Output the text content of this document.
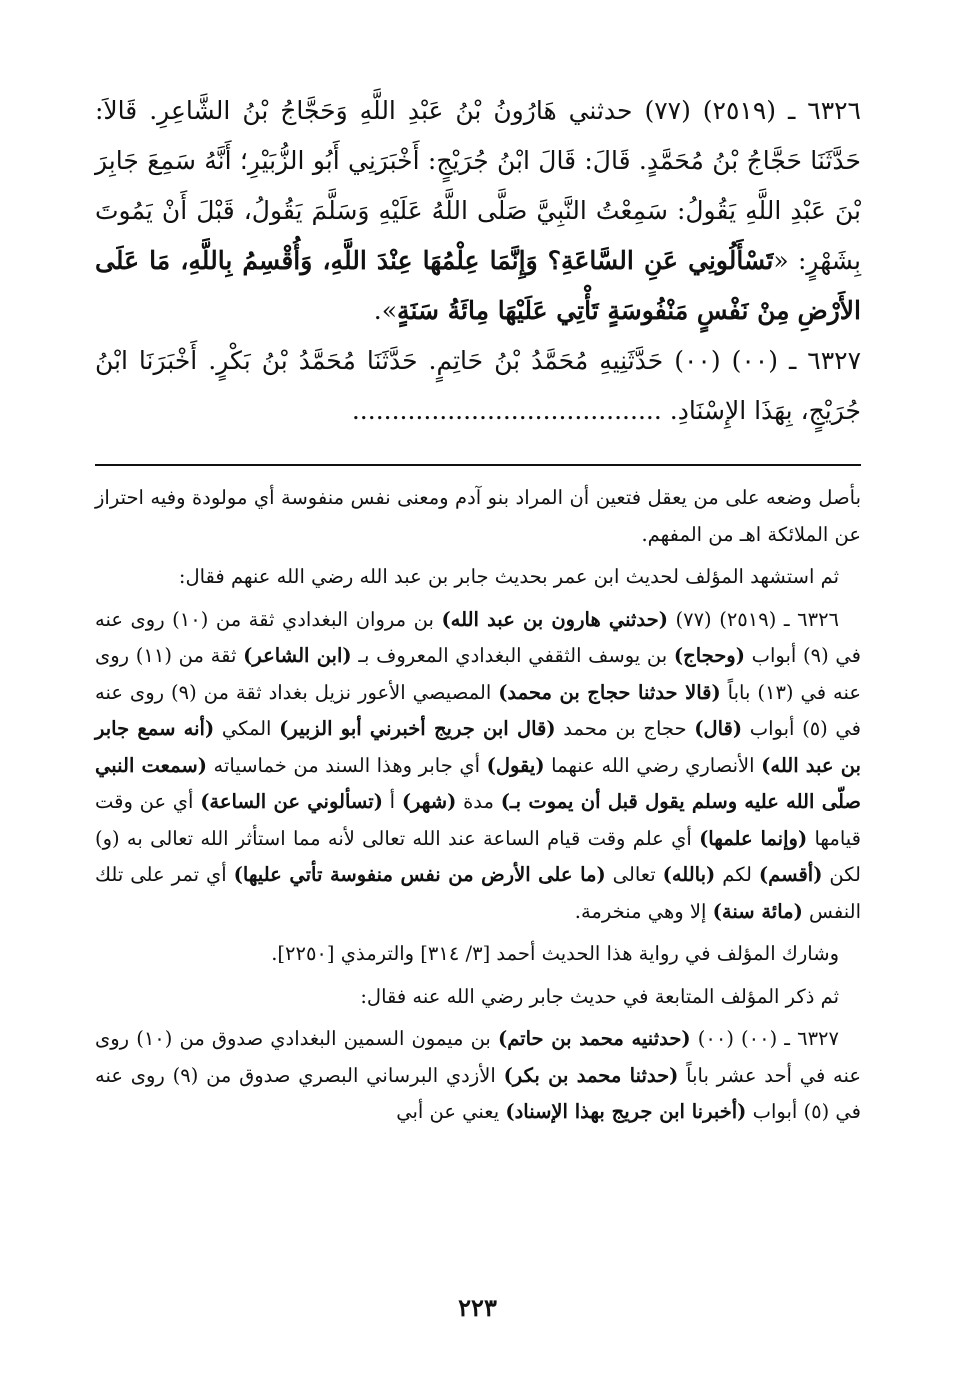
٦٣٢٦ ـ (٢٥١٩) (٧٧) حدثني هَارُونُ بْنُ عَبْدِ اللَّهِ وَحَجَّاجُ بْنُ الشَّاعِرِ. قَالاَ: حَدَّثَنَا حَجَّاجُ بْنُ مُحَمَّدٍ. قَالَ: قَالَ ابْنُ جُرَيْجٍ: أَخْبَرَنِي أَبُو الزُّبَيْرِ؛ أَنَّهُ سَمِعَ جَابِرَ بْنَ عَبْدِ اللَّهِ يَقُولُ: سَمِعْتُ النَّبِيَّ صَلَّى اللَّهُ عَلَيْهِ وَسَلَّمَ يَقُولُ، قَبْلَ أَنْ يَمُوتَ بِشَهْرٍ: «تَسْأَلُونِي عَنِ السَّاعَةِ؟ وَإِنَّمَا عِلْمُهَا عِنْدَ اللَّهِ، وَأُقْسِمُ بِاللَّهِ، مَا عَلَى الأَرْضِ مِنْ نَفْسٍ مَنْفُوسَةٍ تَأْتِي عَلَيْهَا مِائَةُ سَنَةٍ».

٦٣٢٧ ـ (٠٠) (٠٠) حَدَّثَنِيهِ مُحَمَّدُ بْنُ حَاتِمٍ. حَدَّثَنَا مُحَمَّدُ بْنُ بَكْرٍ. أَخْبَرَنَا ابْنُ جُرَيْجٍ، بِهَذَا الإِسْنَادِ. .......................................

بأصل وضعه على من يعقل فتعين أن المراد بنو آدم ومعنى نفس منفوسة أي مولودة وفيه احتراز عن الملائكة اهـ من المفهم.

ثم استشهد المؤلف لحديث ابن عمر بحديث جابر بن عبد الله رضي الله عنهم فقال:

٦٣٢٦ ـ (٢٥١٩) (٧٧) (حدثني هارون بن عبد الله) بن مروان البغدادي ثقة من (١٠) روى عنه في (٩) أبواب (وحجاج) بن يوسف الثقفي البغدادي المعروف بـ (ابن الشاعر) ثقة من (١١) روى عنه في (١٣) باباً (قالا حدثنا حجاج بن محمد) المصيصي الأعور نزيل بغداد ثقة من (٩) روى عنه في (٥) أبواب (قال) حجاج بن محمد (قال ابن جريج أخبرني أبو الزبير) المكي (أنه سمع جابر بن عبد الله) الأنصاري رضي الله عنهما (يقول) أي جابر وهذا السند من خماسياته (سمعت النبي صلّى الله عليه وسلم يقول قبل أن يموت بـ) مدة (شهر) أ (تسألوني عن الساعة) أي عن وقت قيامها (وإنما علمها) أي علم وقت قيام الساعة عند الله تعالى لأنه مما استأثر الله تعالى به (و) لكن (أقسم) لكم (بالله) تعالى (ما على الأرض من نفس منفوسة تأتي عليها) أي تمر على تلك النفس (مائة سنة) إلا وهي منخرمة.

وشارك المؤلف في رواية هذا الحديث أحمد [٣/ ٣١٤] والترمذي [٢٢٥٠].

ثم ذكر المؤلف المتابعة في حديث جابر رضي الله عنه فقال:

٦٣٢٧ ـ (٠٠) (٠٠) (حدثنيه محمد بن حاتم) بن ميمون السمين البغدادي صدوق من (١٠) روى عنه في أحد عشر باباً (حدثنا محمد بن بكر) الأزدي البرساني البصري صدوق من (٩) روى عنه في (٥) أبواب (أخبرنا ابن جريج بهذا الإسناد) يعني عن أبي

٢٢٣
